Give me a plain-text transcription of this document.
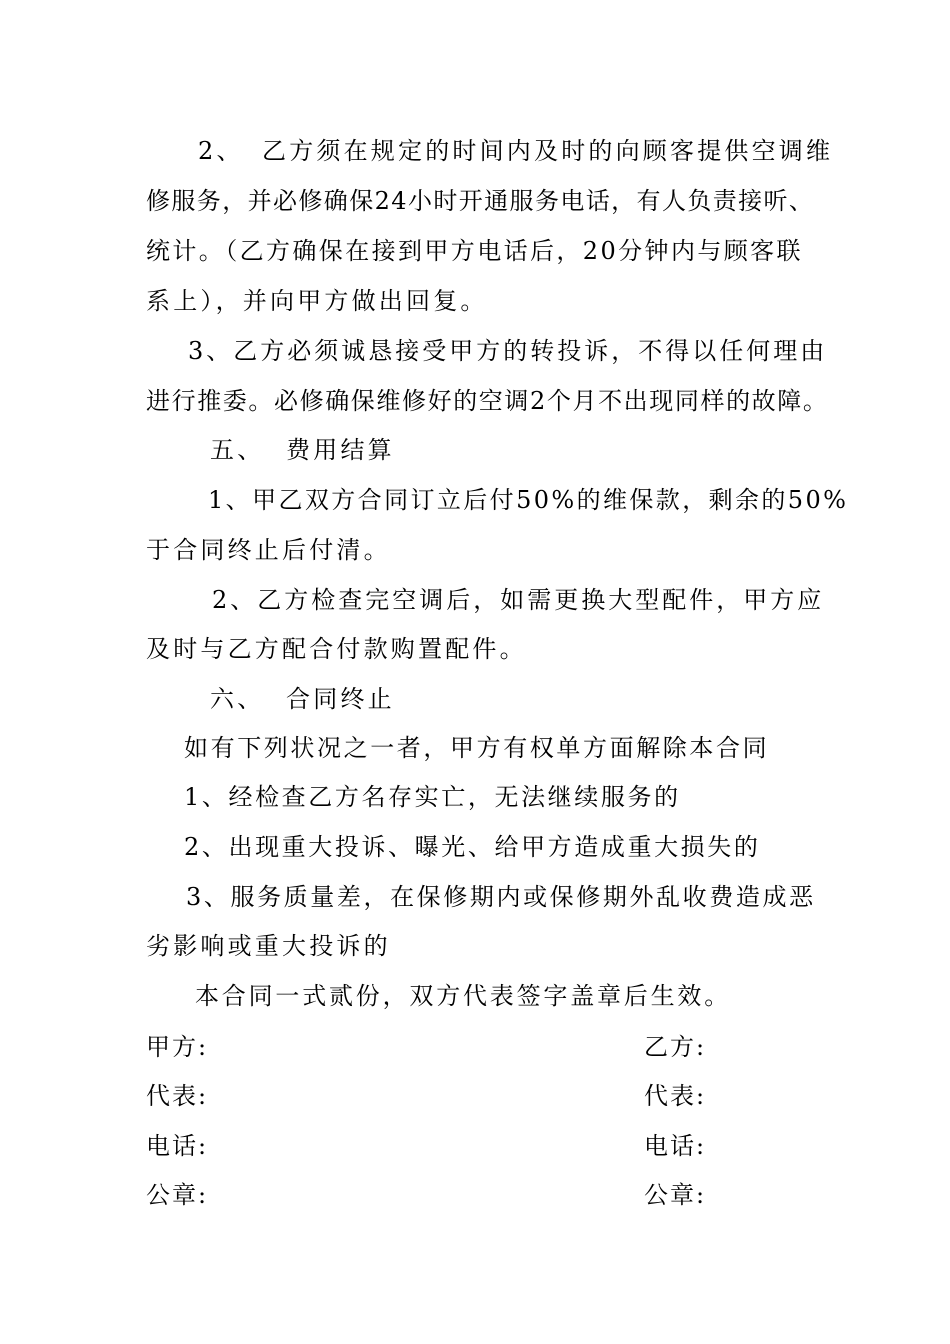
2、 乙方须在规定的时间内及时的向顾客提供空调维
修服务，并必修确保24小时开通服务电话，有人负责接听、
统计。（乙方确保在接到甲方电话后，20分钟内与顾客联
系上），并向甲方做出回复。
3、乙方必须诚恳接受甲方的转投诉，不得以任何理由
进行推委。必修确保维修好的空调2个月不出现同样的故障。
五、  费用结算
1、甲乙双方合同订立后付50%的维保款，剩余的50%
于合同终止后付清。
2、乙方检查完空调后，如需更换大型配件，甲方应
及时与乙方配合付款购置配件。
六、  合同终止
如有下列状况之一者，甲方有权单方面解除本合同
1、经检查乙方名存实亡，无法继续服务的
2、出现重大投诉、曝光、给甲方造成重大损失的
3、服务质量差，在保修期内或保修期外乱收费造成恶
劣影响或重大投诉的
本合同一式贰份，双方代表签字盖章后生效。
甲方:	乙方:
代表:	代表:
电话:	电话:
公章:	公章:
